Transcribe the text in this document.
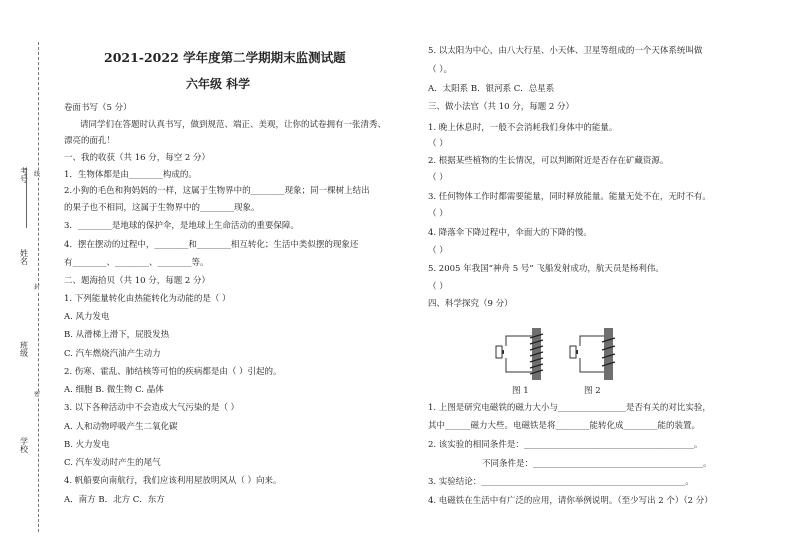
考号
姓名
班级
学校
线
封
密
2021-2022 学年度第二学期期末监测试题
六年级 科学
卷面书写（5 分）
请同学们在答题时认真书写，做到规范、端正、美观，让你的试卷拥有一张清秀、
漂亮的面孔！
一、我的收获（共 16 分，每空 2 分）
1．生物体都是由________构成的。
2.小狗的毛色和狗妈妈的一样，这属于生物界中的________现象；同一棵树上结出
的果子也不相同，这属于生物界中的________现象。
3．________是地球的保护伞，是地球上生命活动的重要保障。
4．摆在摆动的过程中，________和________相互转化；生活中类似摆的现象还
有________、________、________等。
二、题海拾贝（共 10 分，每题 2 分）
1. 下列能量转化由热能转化为动能的是（ ）
A. 风力发电
B. 从滑梯上滑下，屁股发热
C. 汽车燃烧汽油产生动力
2. 伤寒、霍乱、肺结核等可怕的疾病都是由（ ）引起的。
A. 细胞 B. 微生物 C. 晶体
3. 以下各种活动中不会造成大气污染的是（ ）
A. 人和动物呼吸产生二氧化碳
B. 火力发电
C. 汽车发动时产生的尾气
4. 帆船要向南航行，我们应该利用屋放明风从（ ）向来。
A．南方 B．北方 C．东方
5. 以太阳为中心，由八大行星、小天体、卫星等组成的一个天体系统叫做
（ ）。
A．太阳系 B．银河系 C．总星系
三、做小法官（共 10 分，每题 2 分）
1. 晚上休息时，一般不会消耗我们身体中的能量。
（ ）
2. 根据某些植物的生长情况，可以判断附近是否存在矿藏资源。
（ ）
3. 任何物体工作时都需要能量，同时释放能量。能量无处不在，无时不有。
（ ）
4. 降落伞下降过程中，伞面大的下降的慢。
（ ）
5. 2005 年我国“神舟 5 号” 飞船发射成功，航天员是杨利伟。
（ ）
四、科学探究（9 分）
图 1	图 2
1. 上图是研究电磁铁的磁力大小与________________是否有关的对比实验，
其中______磁力大些。电磁铁是将________能转化成________能的装置。
2. 该实验的相同条件是：________________________________________。
不同条件是：________________________________________。
3. 实验结论：________________________________________________。
4. 电磁铁在生活中有广泛的应用，请你举例说明。（至少写出 2 个）（2 分）
